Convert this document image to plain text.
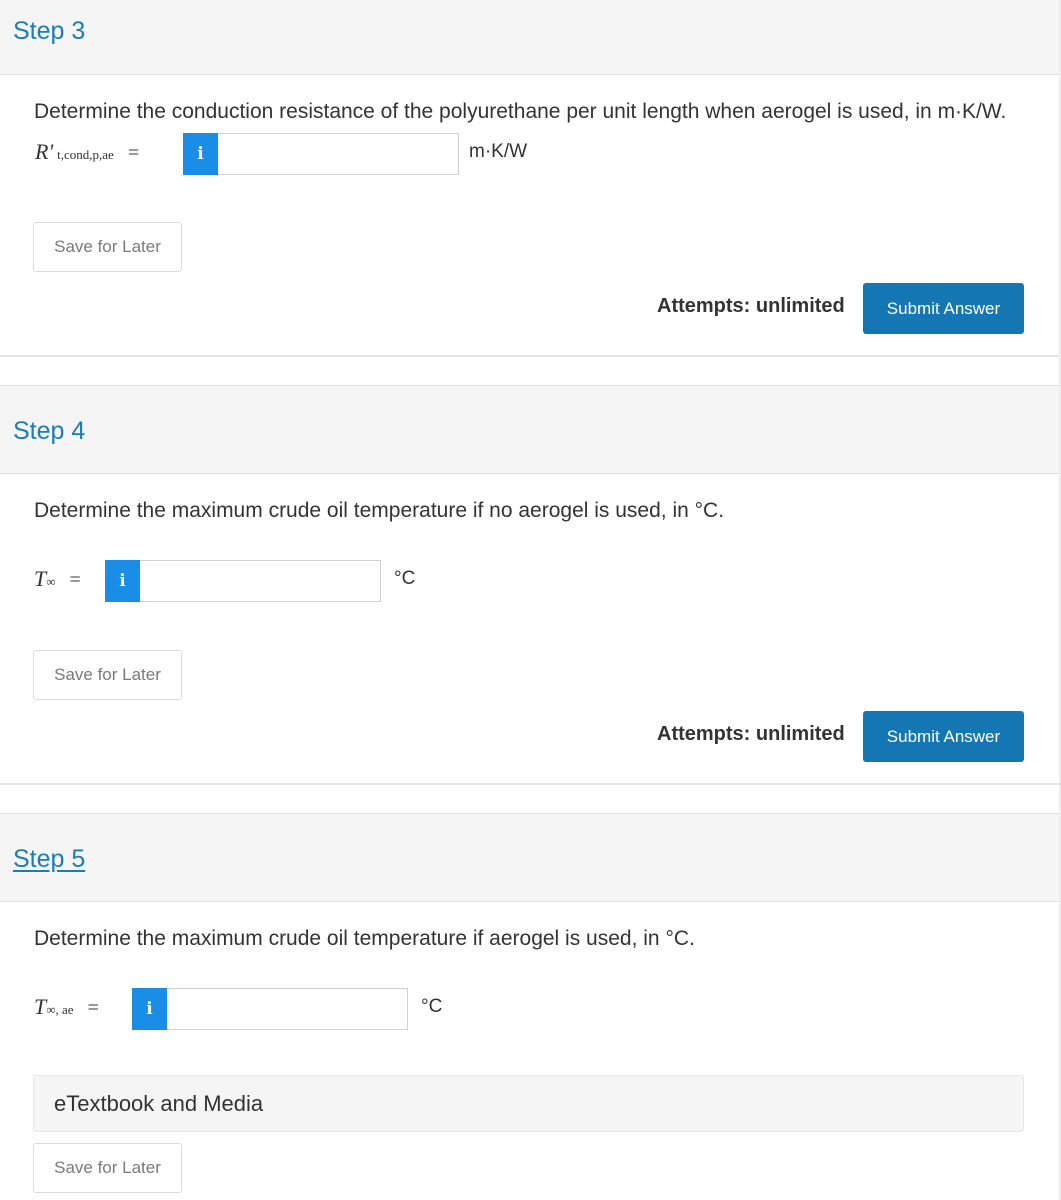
Step 3

Determine the conduction resistance of the polyurethane per unit length when aerogel is used, in m·K/W.

R' t,cond,p,ae =	i	m·K/W
Save for Later
Attempts: unlimited	Submit Answer
Step 4

Determine the maximum crude oil temperature if no aerogel is used, in °C.

T∞ =	i	°C
Save for Later
Attempts: unlimited	Submit Answer
Step 5

Determine the maximum crude oil temperature if aerogel is used, in °C.

T∞, ae =	i	°C
eTextbook and Media
Save for Later
